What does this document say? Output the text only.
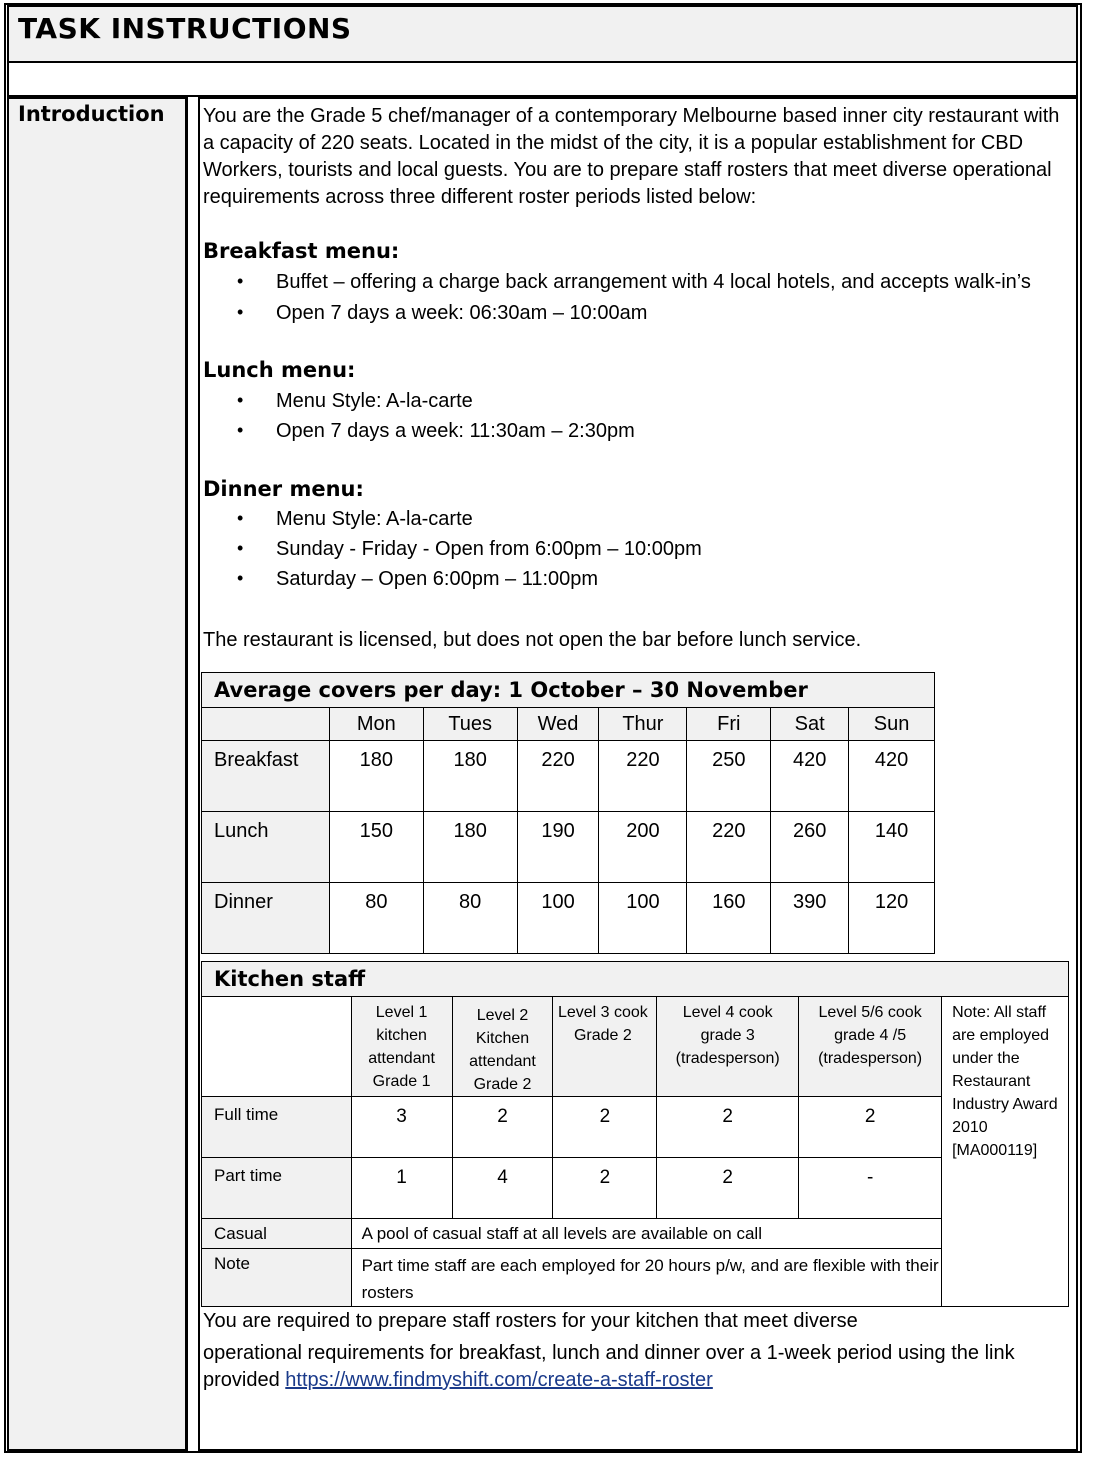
TASK INSTRUCTIONS
Introduction You are the Grade 5 chef/manager of a contemporary Melbourne based inner city restaurant with a capacity of 220 seats. Located in the midst of the city, it is a popular establishment for CBD Workers, tourists and local guests. You are to prepare staff rosters that meet diverse operational requirements across three different roster periods listed below:
Breakfast menu:
• Buffet – offering a charge back arrangement with 4 local hotels, and accepts walk-in’s
• Open 7 days a week: 06:30am – 10:00am
Lunch menu:
• Menu Style: A-la-carte
• Open 7 days a week: 11:30am – 2:30pm
Dinner menu:
• Menu Style: A-la-carte
• Sunday - Friday - Open from 6:00pm – 10:00pm
• Saturday – Open 6:00pm – 11:00pm
The restaurant is licensed, but does not open the bar before lunch service.
Average covers per day: 1 October – 30 November							
	Mon	Tues	Wed	Thur	Fri	Sat	Sun
Breakfast	180	180	220	220	250	420	420
Lunch	150	180	190	200	220	260	140
Dinner	80	80	100	100	160	390	120
Kitchen staff						
	Level 1 kitchen attendant Grade 1	Level 2 Kitchen attendant Grade 2	Level 3 cook Grade 2	Level 4 cook grade 3 (tradesperson)	Level 5/6 cook grade 4 /5 (tradesperson)	Note: All staff are employed under the Restaurant Industry Award 2010 [MA000119]
Full time	3	2	2	2	2	
Part time	1	4	2	2	-	
Casual	A pool of casual staff at all levels are available on call					
Note	Part time staff are each employed for 20 hours p/w, and are flexible with their rosters					
You are required to prepare staff rosters for your kitchen that meet diverse
operational requirements for breakfast, lunch and dinner over a 1-week period using the link
provided https://www.findmyshift.com/create-a-staff-roster
